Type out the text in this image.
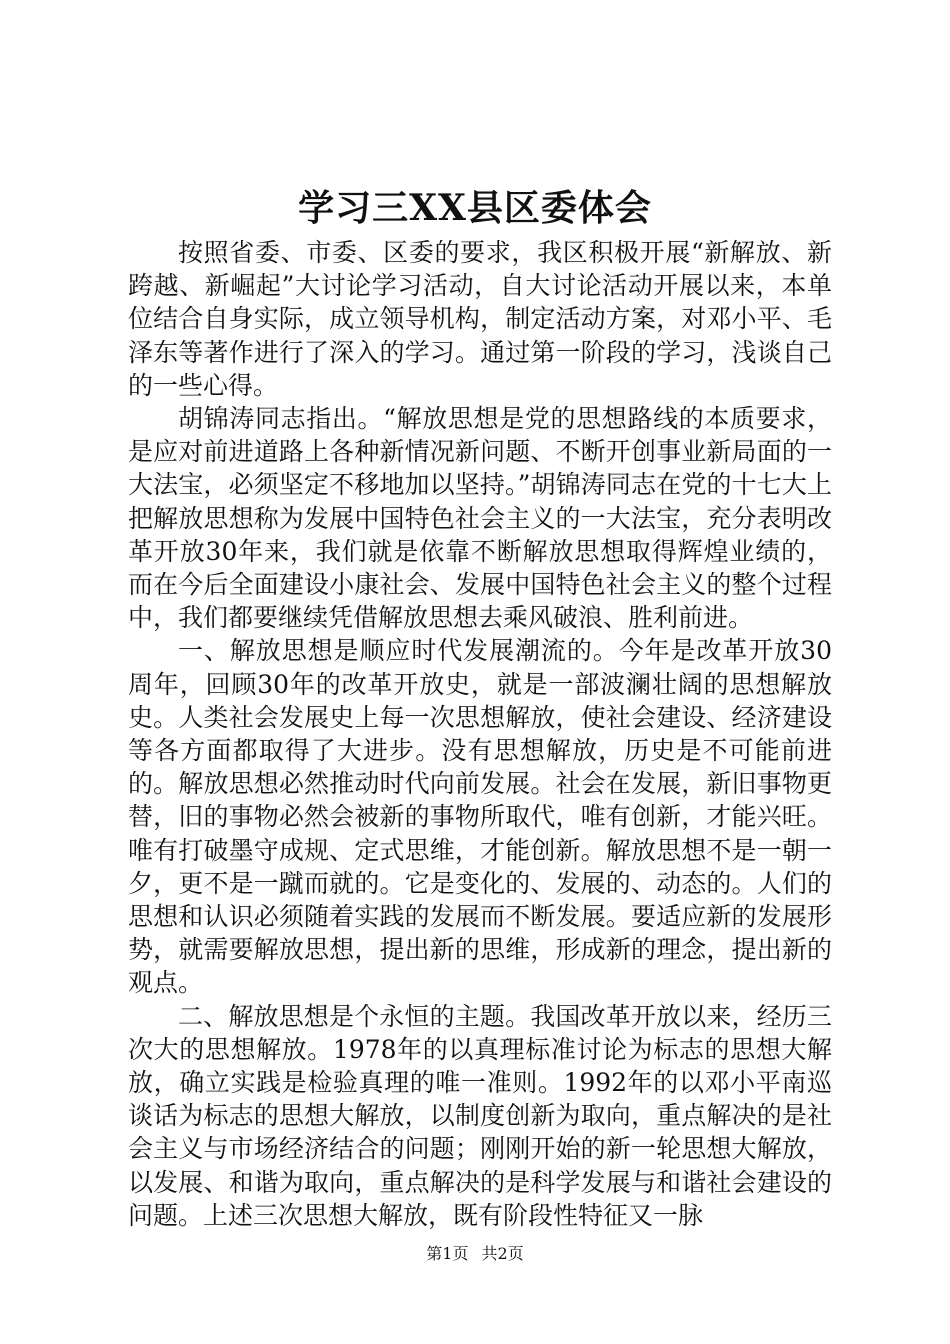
学习三XX县区委体会

按照省委、市委、区委的要求，我区积极开展“新解放、新跨越、新崛起”大讨论学习活动，自大讨论活动开展以来，本单位结合自身实际，成立领导机构，制定活动方案，对邓小平、毛泽东等著作进行了深入的学习。通过第一阶段的学习，浅谈自己的一些心得。

胡锦涛同志指出。“解放思想是党的思想路线的本质要求，是应对前进道路上各种新情况新问题、不断开创事业新局面的一大法宝，必须坚定不移地加以坚持。”胡锦涛同志在党的十七大上把解放思想称为发展中国特色社会主义的一大法宝，充分表明改革开放30年来，我们就是依靠不断解放思想取得辉煌业绩的，而在今后全面建设小康社会、发展中国特色社会主义的整个过程中，我们都要继续凭借解放思想去乘风破浪、胜利前进。

一、解放思想是顺应时代发展潮流的。今年是改革开放30周年，回顾30年的改革开放史，就是一部波澜壮阔的思想解放史。人类社会发展史上每一次思想解放，使社会建设、经济建设等各方面都取得了大进步。没有思想解放，历史是不可能前进的。解放思想必然推动时代向前发展。社会在发展，新旧事物更替，旧的事物必然会被新的事物所取代，唯有创新，才能兴旺。唯有打破墨守成规、定式思维，才能创新。解放思想不是一朝一夕，更不是一蹴而就的。它是变化的、发展的、动态的。人们的思想和认识必须随着实践的发展而不断发展。要适应新的发展形势，就需要解放思想，提出新的思维，形成新的理念，提出新的观点。

二、解放思想是个永恒的主题。我国改革开放以来，经历三次大的思想解放。1978年的以真理标准讨论为标志的思想大解放，确立实践是检验真理的唯一准则。1992年的以邓小平南巡谈话为标志的思想大解放，以制度创新为取向，重点解决的是社会主义与市场经济结合的问题；刚刚开始的新一轮思想大解放，以发展、和谐为取向，重点解决的是科学发展与和谐社会建设的问题。上述三次思想大解放，既有阶段性特征又一脉

第1页 共2页
